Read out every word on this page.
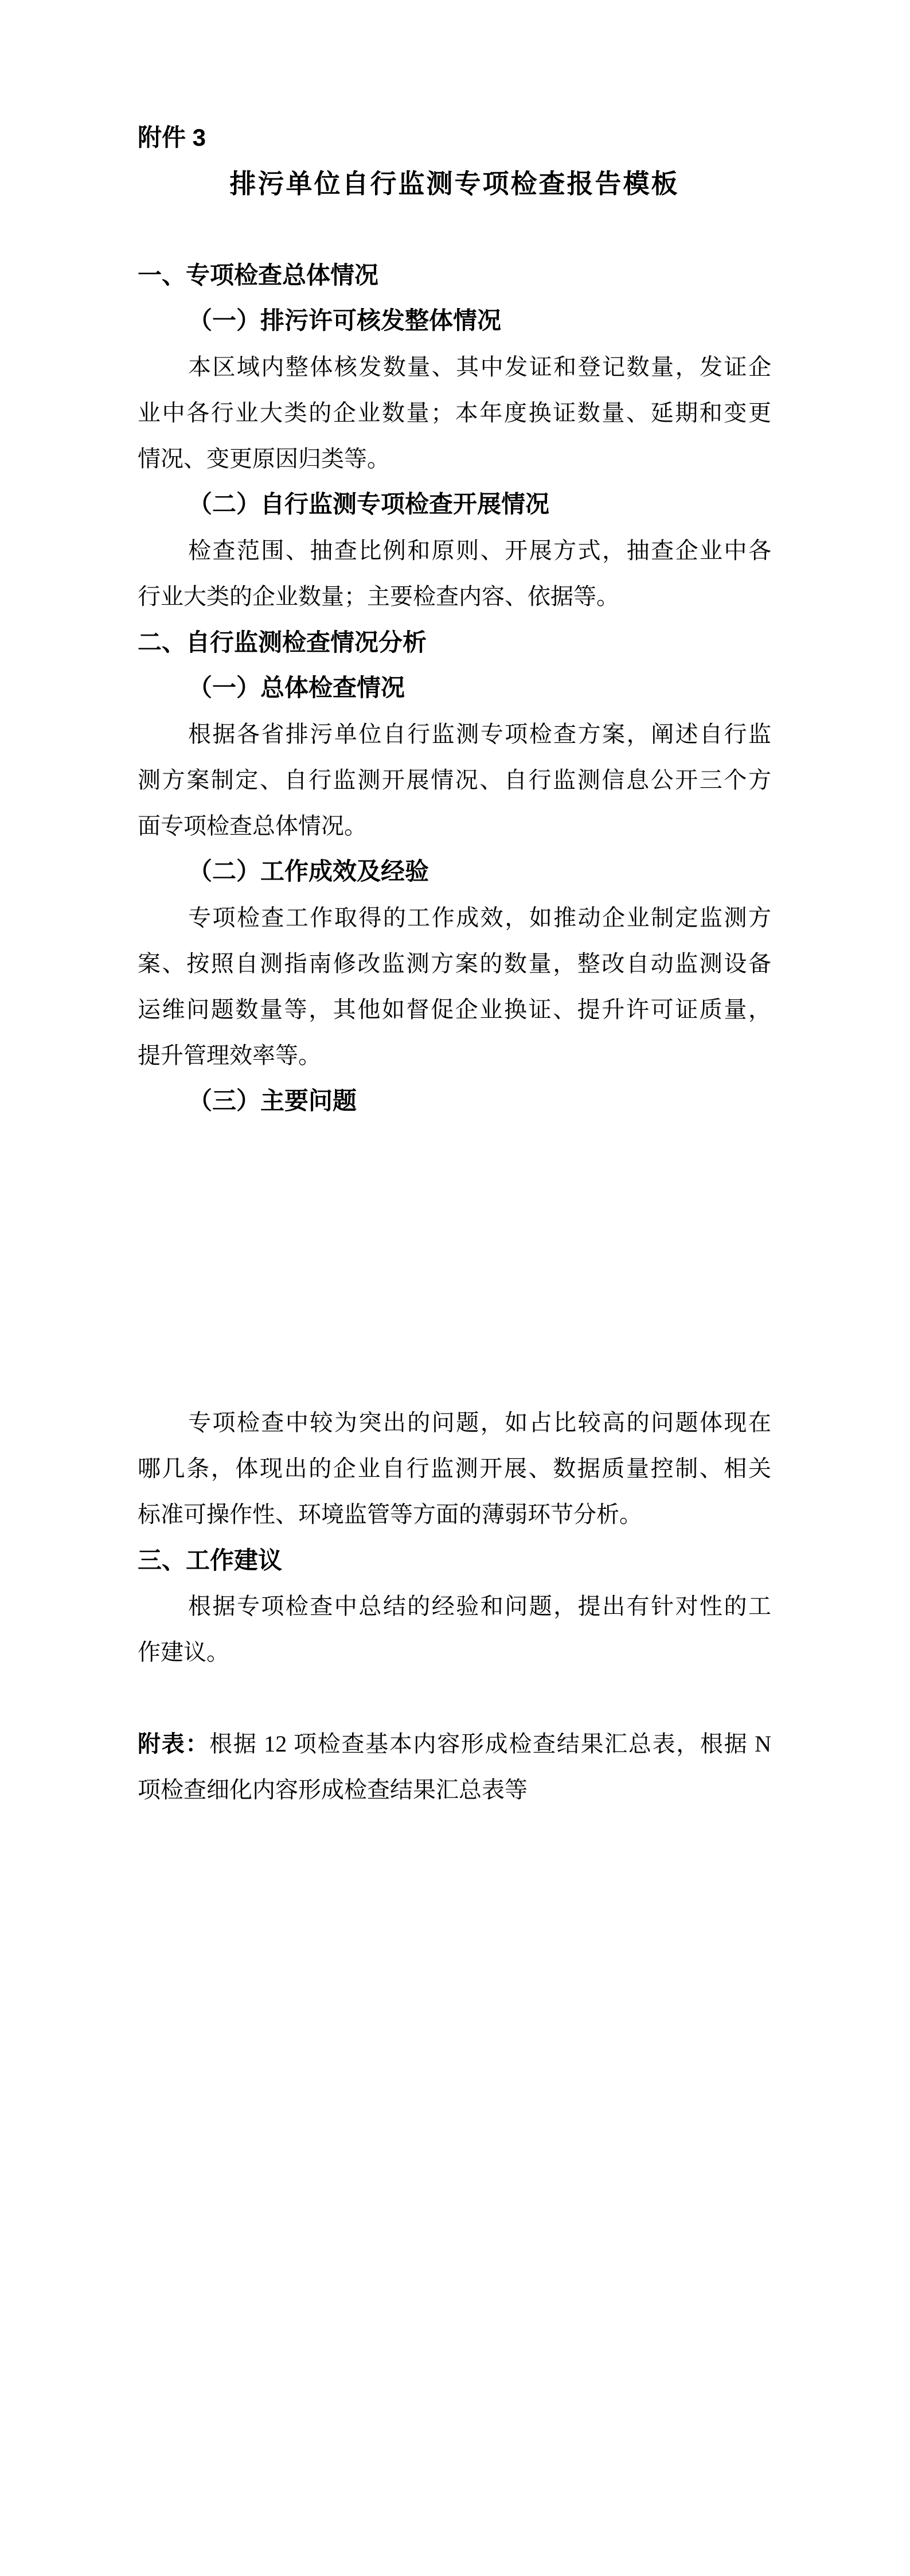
附件 3
排污单位自行监测专项检查报告模板
一、专项检查总体情况
（一）排污许可核发整体情况
本区域内整体核发数量、其中发证和登记数量，发证企
业中各行业大类的企业数量；本年度换证数量、延期和变更
情况、变更原因归类等。
（二）自行监测专项检查开展情况
检查范围、抽查比例和原则、开展方式，抽查企业中各
行业大类的企业数量；主要检查内容、依据等。
二、自行监测检查情况分析
（一）总体检查情况
根据各省排污单位自行监测专项检查方案，阐述自行监
测方案制定、自行监测开展情况、自行监测信息公开三个方
面专项检查总体情况。
（二）工作成效及经验
专项检查工作取得的工作成效，如推动企业制定监测方
案、按照自测指南修改监测方案的数量，整改自动监测设备
运维问题数量等，其他如督促企业换证、提升许可证质量，
提升管理效率等。
（三）主要问题
专项检查中较为突出的问题，如占比较高的问题体现在
哪几条，体现出的企业自行监测开展、数据质量控制、相关
标准可操作性、环境监管等方面的薄弱环节分析。
三、工作建议
根据专项检查中总结的经验和问题，提出有针对性的工
作建议。
附表：根据 12 项检查基本内容形成检查结果汇总表，根据 N
项检查细化内容形成检查结果汇总表等
